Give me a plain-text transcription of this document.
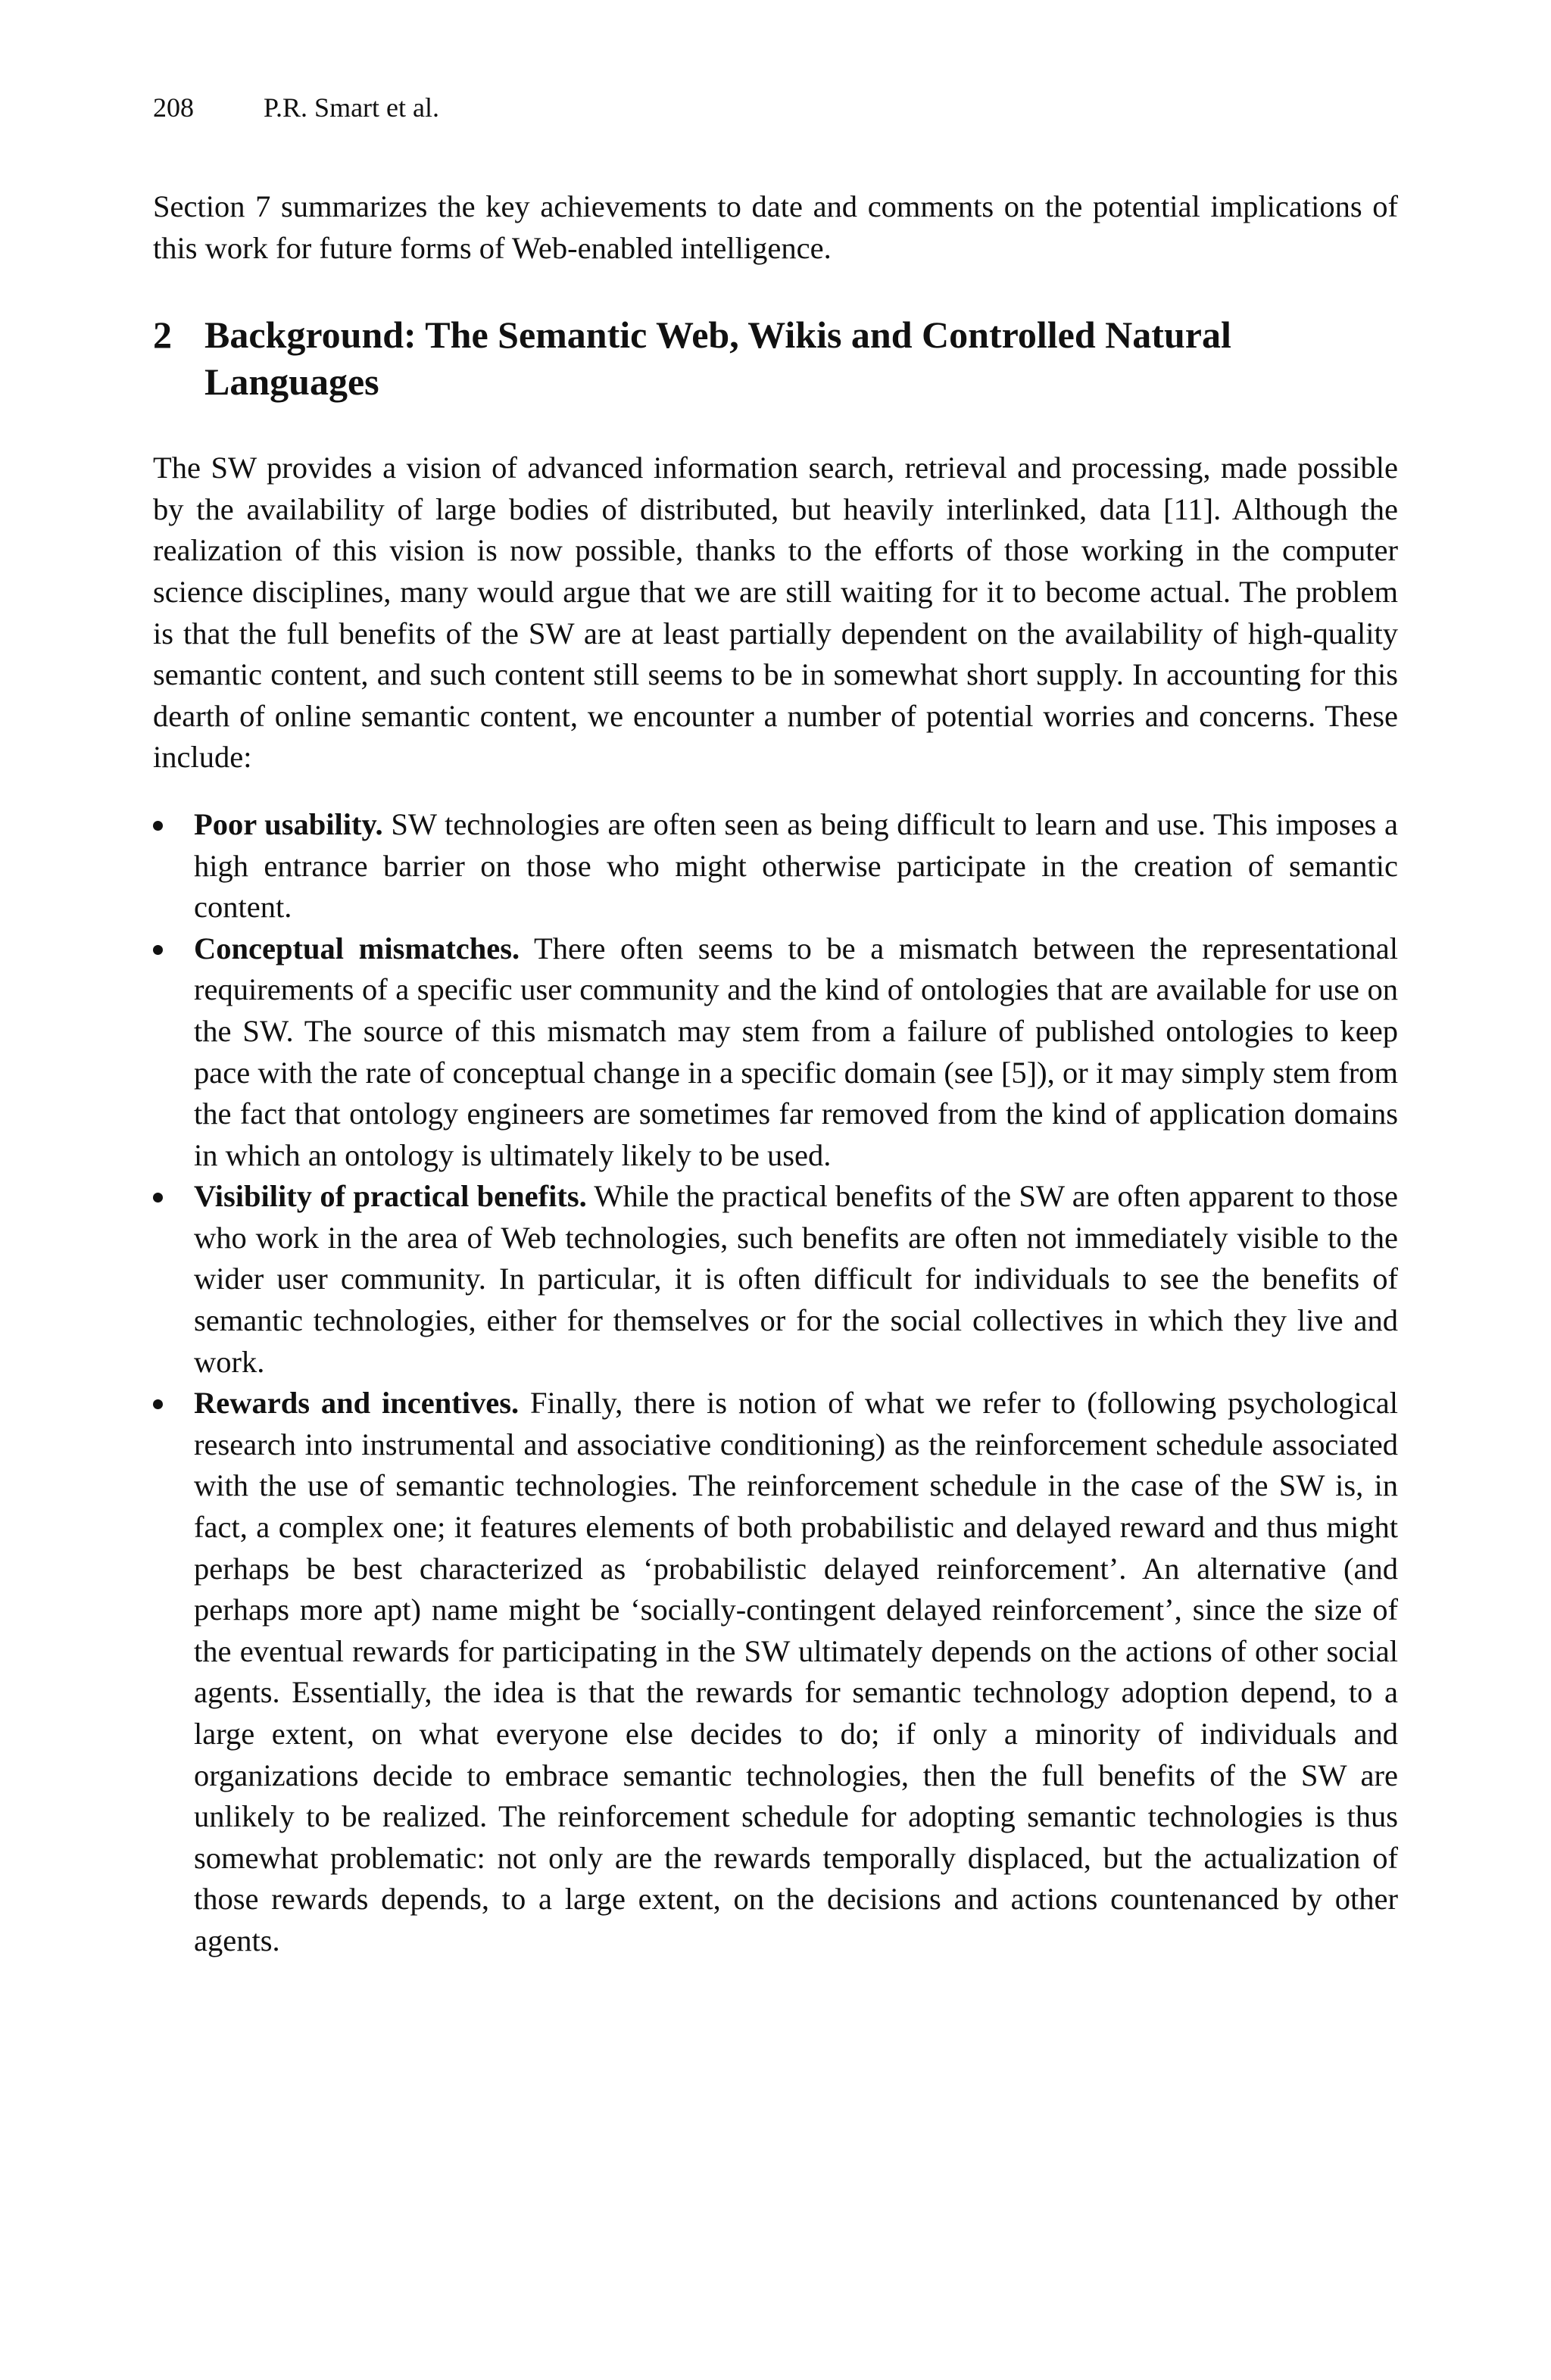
208	P.R. Smart et al.

Section 7 summarizes the key achievements to date and comments on the potential implications of this work for future forms of Web-enabled intelligence.

2 Background: The Semantic Web, Wikis and Controlled Natural Languages

The SW provides a vision of advanced information search, retrieval and processing, made possible by the availability of large bodies of distributed, but heavily interlinked, data [11]. Although the realization of this vision is now possible, thanks to the efforts of those working in the computer science disciplines, many would argue that we are still waiting for it to become actual. The problem is that the full benefits of the SW are at least partially dependent on the availability of high-quality semantic content, and such content still seems to be in somewhat short supply. In accounting for this dearth of online semantic content, we encounter a number of potential worries and concerns. These include:

Poor usability. SW technologies are often seen as being difficult to learn and use. This imposes a high entrance barrier on those who might otherwise participate in the creation of semantic content.

Conceptual mismatches. There often seems to be a mismatch between the representational requirements of a specific user community and the kind of ontologies that are available for use on the SW. The source of this mismatch may stem from a failure of published ontologies to keep pace with the rate of conceptual change in a specific domain (see [5]), or it may simply stem from the fact that ontology engineers are sometimes far removed from the kind of application domains in which an ontology is ultimately likely to be used.

Visibility of practical benefits. While the practical benefits of the SW are often apparent to those who work in the area of Web technologies, such benefits are often not immediately visible to the wider user community. In particular, it is often difficult for individuals to see the benefits of semantic technologies, either for themselves or for the social collectives in which they live and work.

Rewards and incentives. Finally, there is notion of what we refer to (following psychological research into instrumental and associative conditioning) as the reinforcement schedule associated with the use of semantic technologies. The reinforcement schedule in the case of the SW is, in fact, a complex one; it features elements of both probabilistic and delayed reward and thus might perhaps be best characterized as ‘probabilistic delayed reinforcement’. An alternative (and perhaps more apt) name might be ‘socially-contingent delayed reinforcement’, since the size of the eventual rewards for participating in the SW ultimately depends on the actions of other social agents. Essentially, the idea is that the rewards for semantic technology adoption depend, to a large extent, on what everyone else decides to do; if only a minority of individuals and organizations decide to embrace semantic technologies, then the full benefits of the SW are unlikely to be realized. The reinforcement schedule for adopting semantic technologies is thus somewhat problematic: not only are the rewards temporally displaced, but the actualization of those rewards depends, to a large extent, on the decisions and actions countenanced by other agents.
